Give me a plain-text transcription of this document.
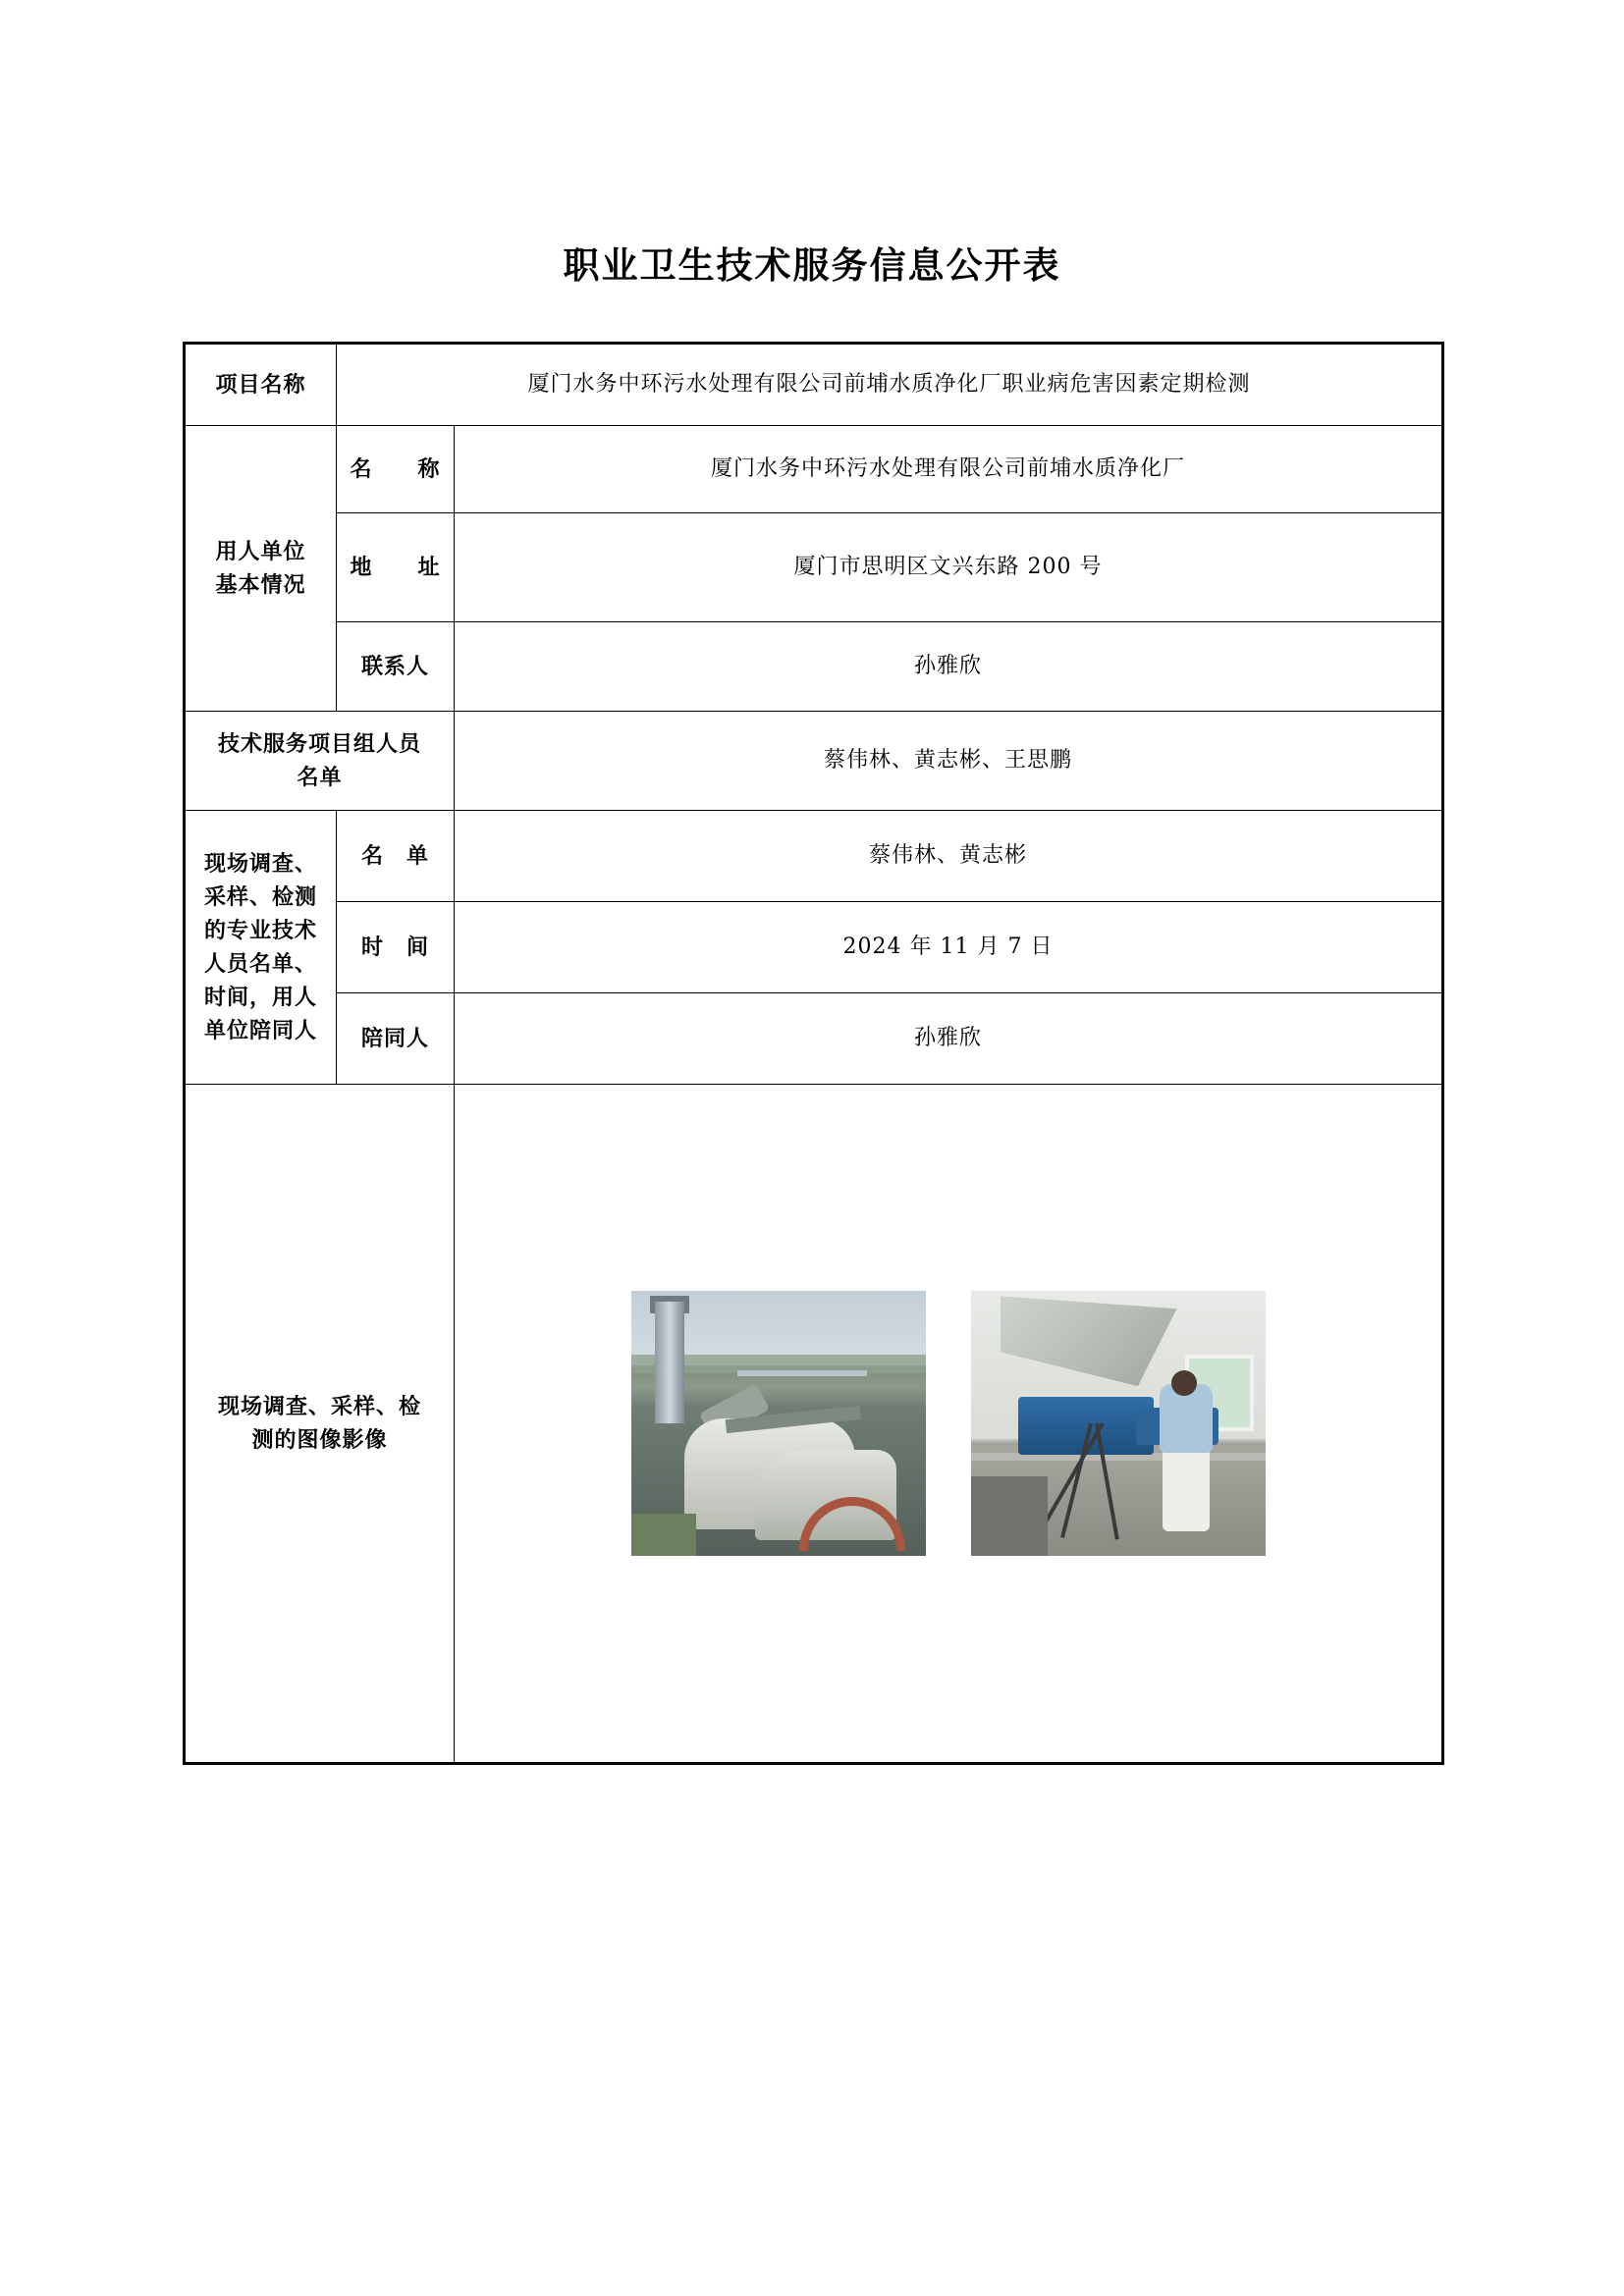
职业卫生技术服务信息公开表
项目名称	厦门水务中环污水处理有限公司前埔水质净化厂职业病危害因素定期检测	

用人单位
基本情况	名　　称	厦门水务中环污水处理有限公司前埔水质净化厂
	地　　址	厦门市思明区文兴东路 200 号
	联系人	孙雅欣

技术服务项目组人员
名单		蔡伟林、黄志彬、王思鹏

现场调查、
采样、检测
的专业技术
人员名单、
时间，用人
单位陪同人
	名　单	蔡伟林、黄志彬
	时　间	2024 年 11 月 7 日
	陪同人	孙雅欣

现场调查、采样、检
测的图像影像		
